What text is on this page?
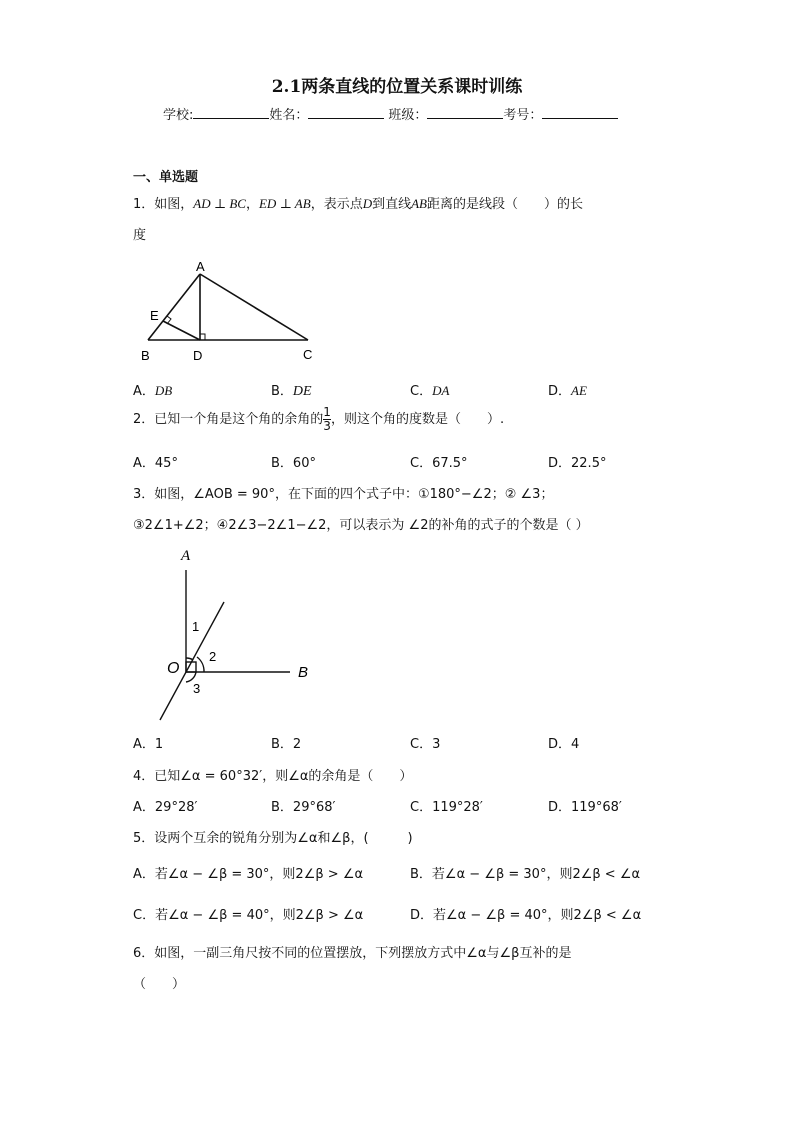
2.1两条直线的位置关系课时训练
学校:	姓名：	班级：	考号：
一、单选题
1．如图，AD ⊥ BC，ED ⊥ AB，表示点D到直线AB距离的是线段（　　）的长
度
A
E
B	D	C
A．DB	B．DE	C．DA	D．AE
2．已知一个角是这个角的余角的 $\frac{1}{3}$ ，则这个角的度数是（　　）.
A．45°	B．60°	C．67.5°	D．22.5°
3．如图，∠AOB = 90°，在下面的四个式子中：①180°−∠2；② ∠3；
③2∠1+∠2；④2∠3−2∠1−∠2，可以表示为 ∠2的补角的式子的个数是（ ）
A
B
O
1
2
3
A．1	B．2	C．3	D．4
4．已知∠α = 60°32′，则∠α的余角是（　　）
A．29°28′	B．29°68′	C．119°28′	D．119°68′
5．设两个互余的锐角分别为∠α和∠β，(　　　)
A．若∠α − ∠β = 30°，则2∠β > ∠α	B．若∠α − ∠β = 30°，则2∠β < ∠α
C．若∠α − ∠β = 40°，则2∠β > ∠α	D．若∠α − ∠β = 40°，则2∠β < ∠α
6．如图，一副三角尺按不同的位置摆放，下列摆放方式中∠α与∠β互补的是
（　　）
